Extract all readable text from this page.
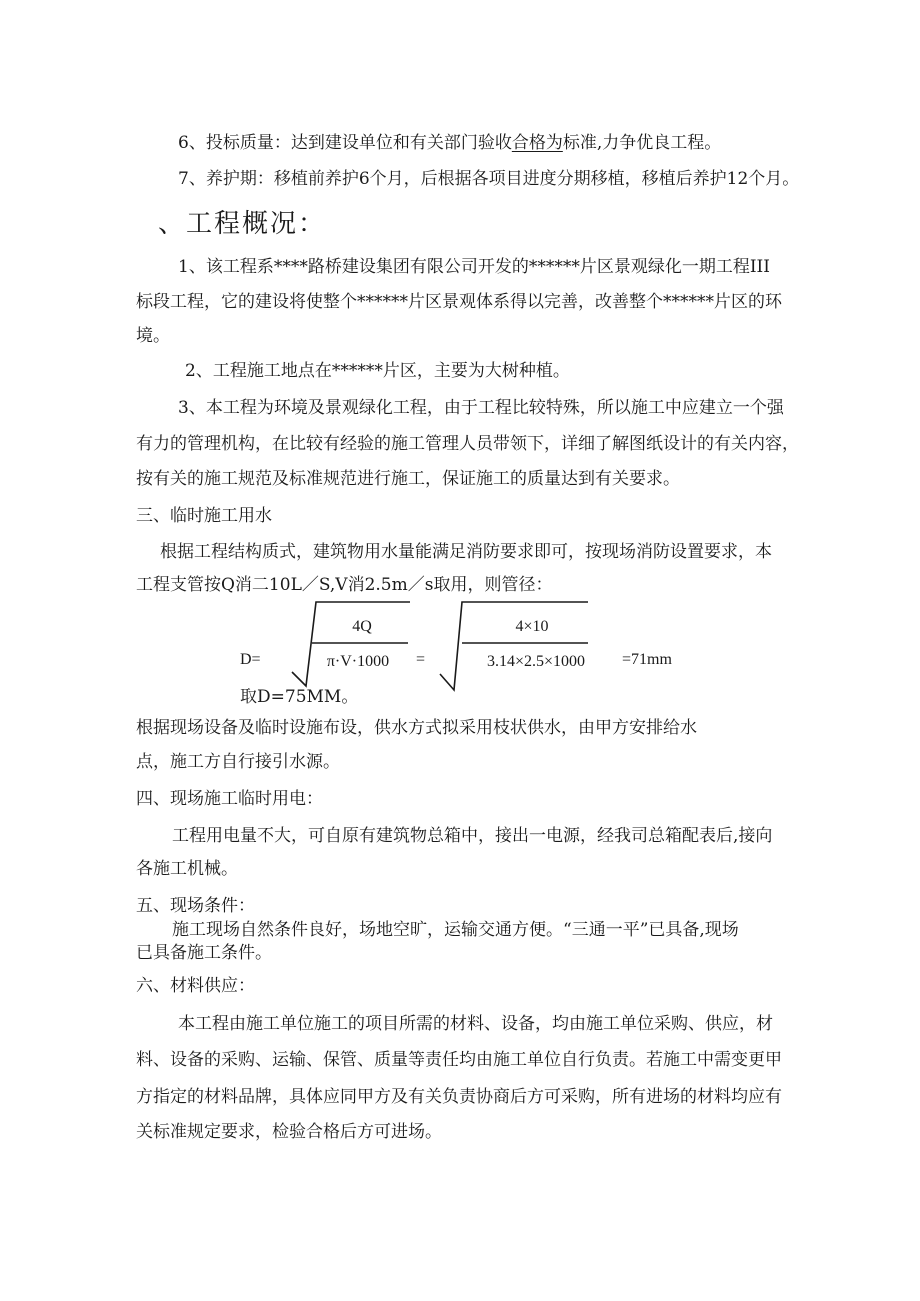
6、投标质量：达到建设单位和有关部门验收合格为标准,力争优良工程。
7、养护期：移植前养护6个月，后根据各项目进度分期移植，移植后养护12个月。
、工程概况：
1、该工程系****路桥建设集团有限公司开发的******片区景观绿化一期工程III
标段工程，它的建设将使整个******片区景观体系得以完善，改善整个******片区的环
境。
2、工程施工地点在******片区，主要为大树种植。
3、本工程为环境及景观绿化工程，由于工程比较特殊，所以施工中应建立一个强
有力的管理机构，在比较有经验的施工管理人员带领下，详细了解图纸设计的有关内容，
按有关的施工规范及标准规范进行施工，保证施工的质量达到有关要求。
三、临时施工用水
根据工程结构质式，建筑物用水量能满足消防要求即可，按现场消防设置要求，本
工程支管按Q消二10L／S,V消2.5m／s取用，则管径：
D=
4Q
π·V·1000 =
4×10
3.14×2.5×1000 =71mm
取D=75MM。
根据现场设备及临时设施布设，供水方式拟采用枝状供水，由甲方安排给水
点，施工方自行接引水源。
四、现场施工临时用电：
工程用电量不大，可自原有建筑物总箱中，接出一电源，经我司总箱配表后,接向
各施工机械。
五、现场条件：
施工现场自然条件良好，场地空旷，运输交通方便。“三通一平”已具备,现场
已具备施工条件。
六、材料供应：
本工程由施工单位施工的项目所需的材料、设备，均由施工单位采购、供应，材
料、设备的采购、运输、保管、质量等责任均由施工单位自行负责。若施工中需变更甲
方指定的材料品牌，具体应同甲方及有关负责协商后方可采购，所有进场的材料均应有
关标准规定要求，检验合格后方可进场。
